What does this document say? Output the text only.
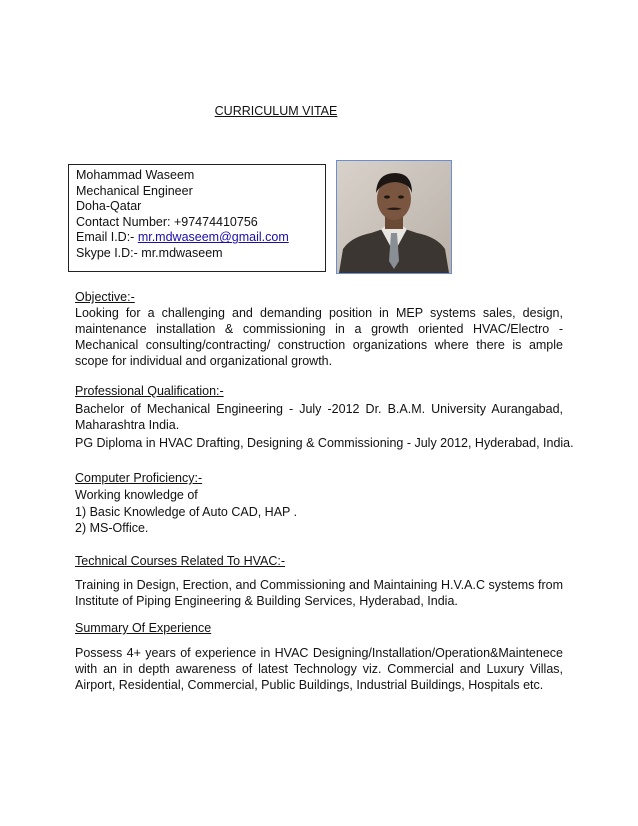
CURRICULUM VITAE
Mohammad Waseem
Mechanical Engineer
Doha-Qatar
Contact Number: +97474410756
Email I.D:- mr.mdwaseem@gmail.com
Skype I.D:- mr.mdwaseem
Objective:-
Looking for a challenging and demanding position in MEP systems sales, design, maintenance installation & commissioning in a growth oriented HVAC/Electro -Mechanical consulting/contracting/ construction organizations where there is ample scope for individual and organizational growth.
Professional Qualification:-
Bachelor of Mechanical Engineering - July -2012 Dr. B.A.M. University Aurangabad, Maharashtra India.
PG Diploma in HVAC Drafting, Designing & Commissioning - July 2012, Hyderabad, India.
Computer Proficiency:-
Working knowledge of
1) Basic Knowledge of Auto CAD, HAP .
2) MS-Office.
Technical Courses Related To HVAC:-
Training in Design, Erection, and Commissioning and Maintaining H.V.A.C systems from Institute of Piping Engineering & Building Services, Hyderabad, India.
Summary Of Experience
Possess 4+ years of experience in HVAC Designing/Installation/Operation&Maintenece with an in depth awareness of latest Technology viz. Commercial and Luxury Villas, Airport, Residential, Commercial, Public Buildings, Industrial Buildings, Hospitals etc.
